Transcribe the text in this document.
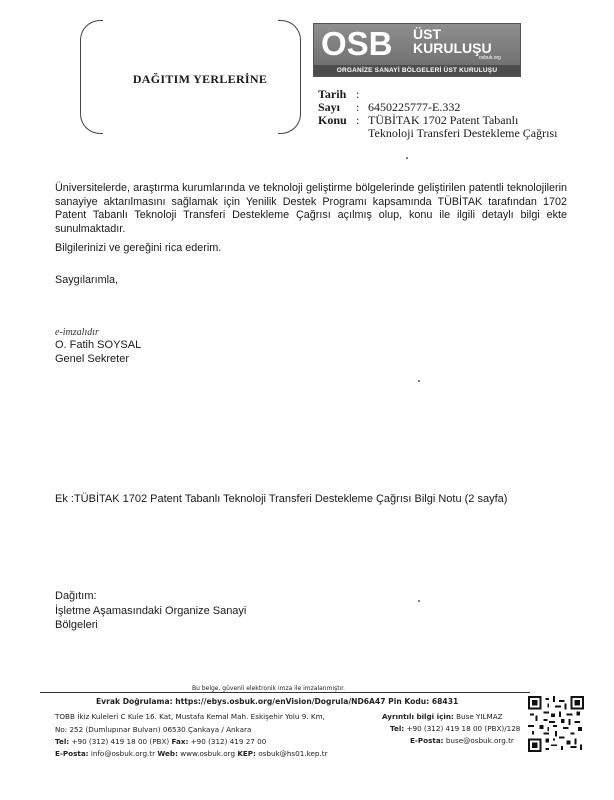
DAĞITIM YERLERİNE
OSB ÜST
KURULUŞU
osbuk.org
ORGANİZE SANAYİ BÖLGELERİ ÜST KURULUŞU
Tarih :
Sayı	: 6450225777-E.332
Konu : TÜBİTAK 1702 Patent Tabanlı
Teknoloji Transferi Destekleme Çağrısı
Üniversitelerde, araştırma kurumlarında ve teknoloji geliştirme bölgelerinde geliştirilen patentli teknolojilerin sanayiye aktarılmasını sağlamak için Yenilik Destek Programı kapsamında TÜBİTAK tarafından 1702 Patent Tabanlı Teknoloji Transferi Destekleme Çağrısı açılmış olup, konu ile ilgili detaylı bilgi ekte sunulmaktadır.
Bilgilerinizi ve gereğini rica ederim.
Saygılarımla,
e-imzalıdır
O. Fatih SOYSAL
Genel Sekreter
Ek :TÜBİTAK 1702 Patent Tabanlı Teknoloji Transferi Destekleme Çağrısı Bilgi Notu (2 sayfa)
Dağıtım:
İşletme Aşamasındaki Organize Sanayi
Bölgeleri
Bu belge, güvenli elektronik imza ile imzalanmıştır.
Evrak Doğrulama: https://ebys.osbuk.org/enVision/Dogrula/ND6A47 Pin Kodu: 68431
TOBB İkiz Kuleleri C Kule 16. Kat, Mustafa Kemal Mah. Eskişehir Yolu 9. Km,
No: 252 (Dumlupınar Bulvarı) 06530 Çankaya / Ankara
Tel: +90 (312) 419 18 00 (PBX) Fax: +90 (312) 419 27 00
E-Posta: info@osbuk.org.tr Web: www.osbuk.org KEP: osbuk@hs01.kep.tr
Ayrıntılı bilgi için: Buse YILMAZ
Tel: +90 (312) 419 18 00 (PBX)/128
E-Posta: buse@osbuk.org.tr
